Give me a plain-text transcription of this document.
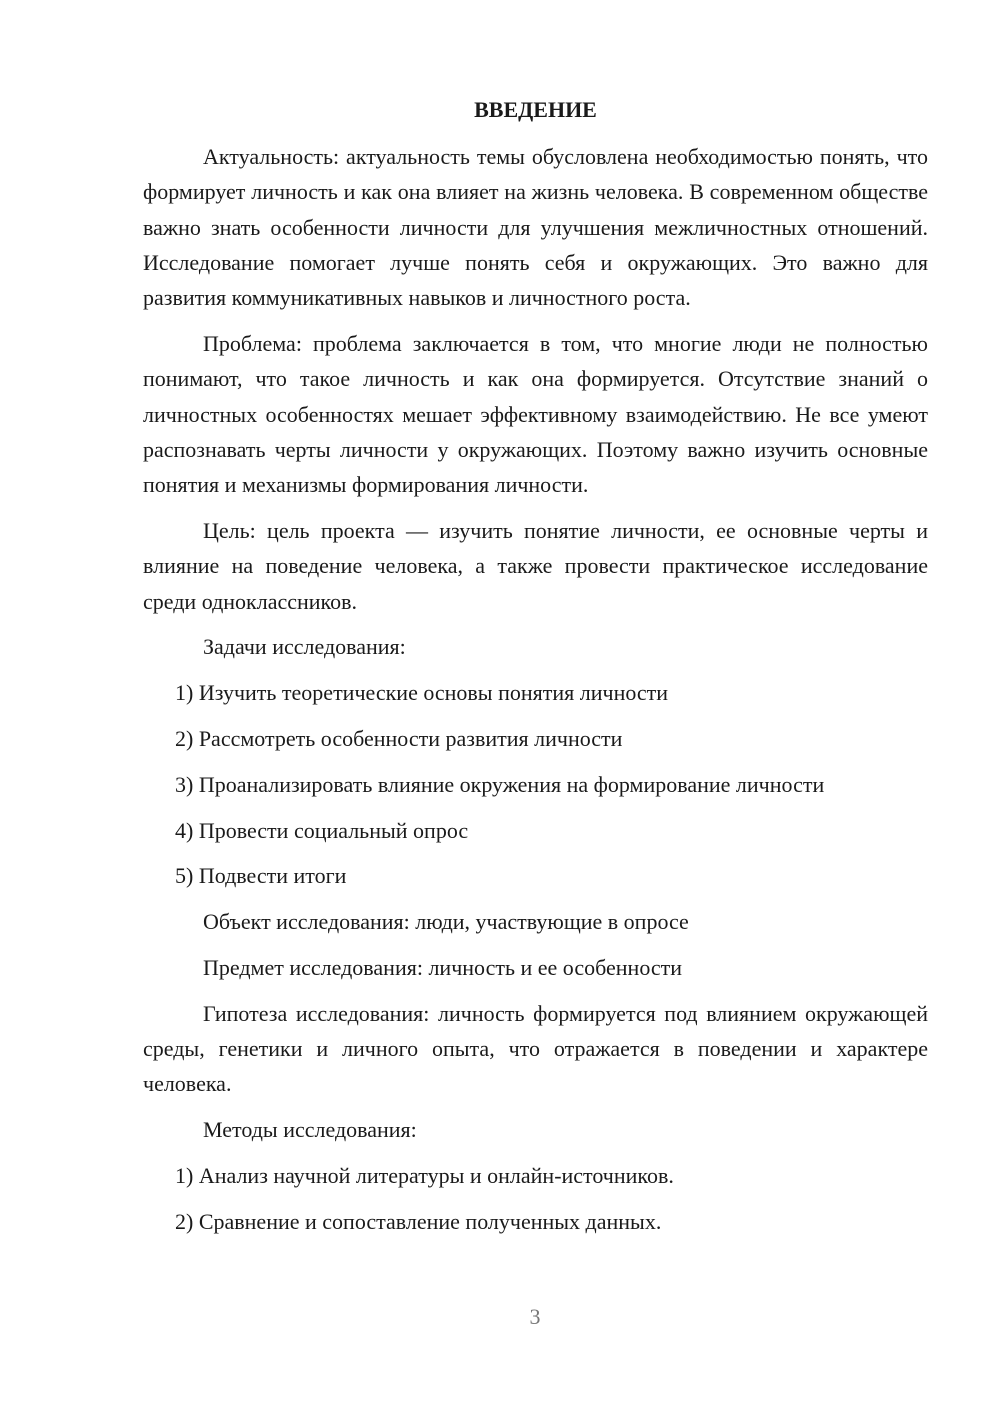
ВВЕДЕНИЕ

Актуальность: актуальность темы обусловлена необходимостью понять, что формирует личность и как она влияет на жизнь человека. В современном обществе важно знать особенности личности для улучшения межличностных отношений. Исследование помогает лучше понять себя и окружающих. Это важно для развития коммуникативных навыков и личностного роста.

Проблема: проблема заключается в том, что многие люди не полностью понимают, что такое личность и как она формируется. Отсутствие знаний о личностных особенностях мешает эффективному взаимодействию. Не все умеют распознавать черты личности у окружающих. Поэтому важно изучить основные понятия и механизмы формирования личности.

Цель: цель проекта — изучить понятие личности, ее основные черты и влияние на поведение человека, а также провести практическое исследование среди одноклассников.

Задачи исследования:

1) Изучить теоретические основы понятия личности

2) Рассмотреть особенности развития личности

3) Проанализировать влияние окружения на формирование личности

4) Провести социальный опрос

5) Подвести итоги

Объект исследования: люди, участвующие в опросе

Предмет исследования: личность и ее особенности

Гипотеза исследования: личность формируется под влиянием окружающей среды, генетики и личного опыта, что отражается в поведении и характере человека.

Методы исследования:

1) Анализ научной литературы и онлайн-источников.

2) Сравнение и сопоставление полученных данных.

3
